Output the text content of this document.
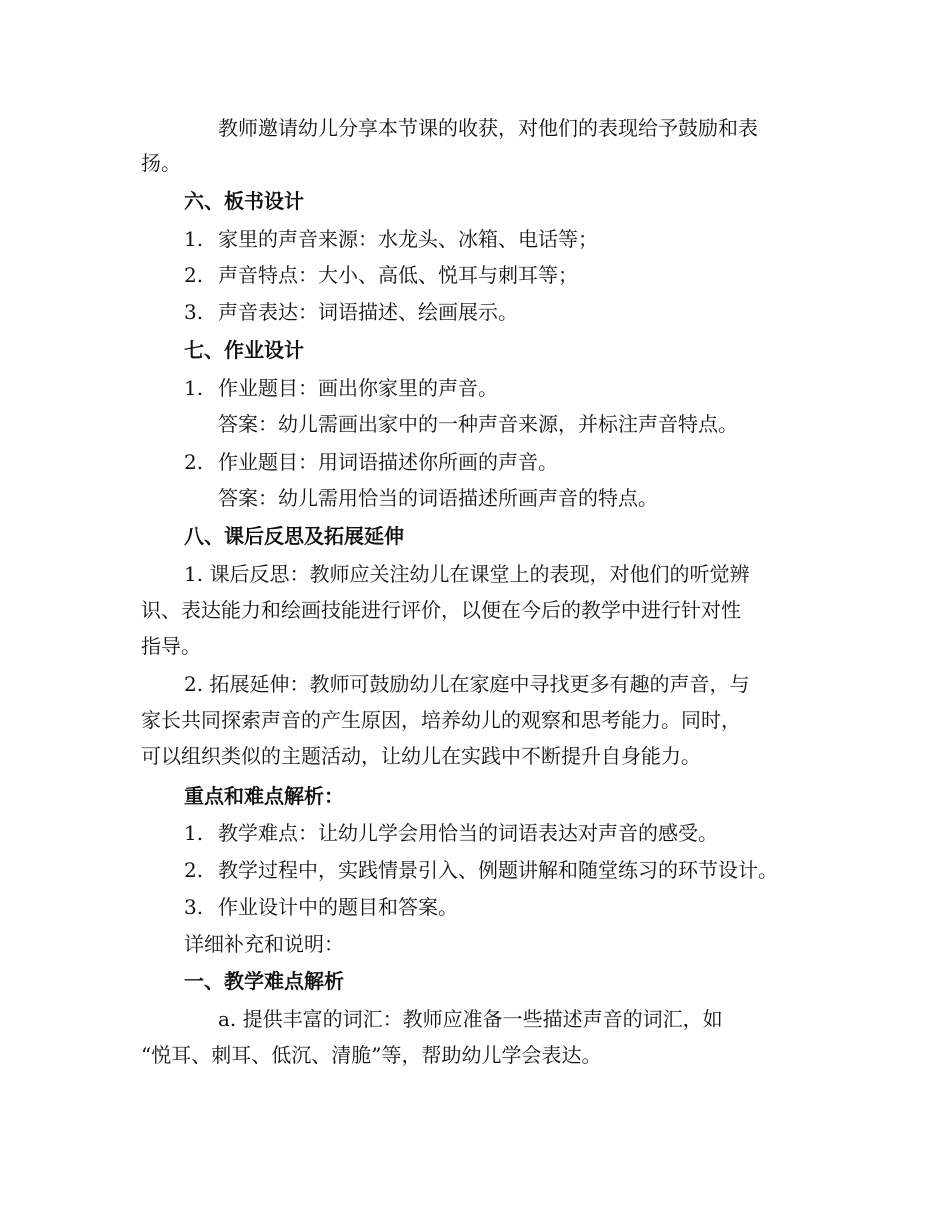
教师邀请幼儿分享本节课的收获，对他们的表现给予鼓励和表
扬。
六、板书设计
1. 家里的声音来源：水龙头、冰箱、电话等；
2. 声音特点：大小、高低、悦耳与刺耳等；
3. 声音表达：词语描述、绘画展示。
七、作业设计
1. 作业题目：画出你家里的声音。
答案：幼儿需画出家中的一种声音来源，并标注声音特点。
2. 作业题目：用词语描述你所画的声音。
答案：幼儿需用恰当的词语描述所画声音的特点。
八、课后反思及拓展延伸
1. 课后反思：教师应关注幼儿在课堂上的表现，对他们的听觉辨
识、表达能力和绘画技能进行评价，以便在今后的教学中进行针对性
指导。
2. 拓展延伸：教师可鼓励幼儿在家庭中寻找更多有趣的声音，与
家长共同探索声音的产生原因，培养幼儿的观察和思考能力。同时，
可以组织类似的主题活动，让幼儿在实践中不断提升自身能力。
重点和难点解析：
1. 教学难点：让幼儿学会用恰当的词语表达对声音的感受。
2. 教学过程中，实践情景引入、例题讲解和随堂练习的环节设计。
3. 作业设计中的题目和答案。
详细补充和说明：
一、教学难点解析
a. 提供丰富的词汇：教师应准备一些描述声音的词汇，如
“悦耳、刺耳、低沉、清脆”等，帮助幼儿学会表达。
